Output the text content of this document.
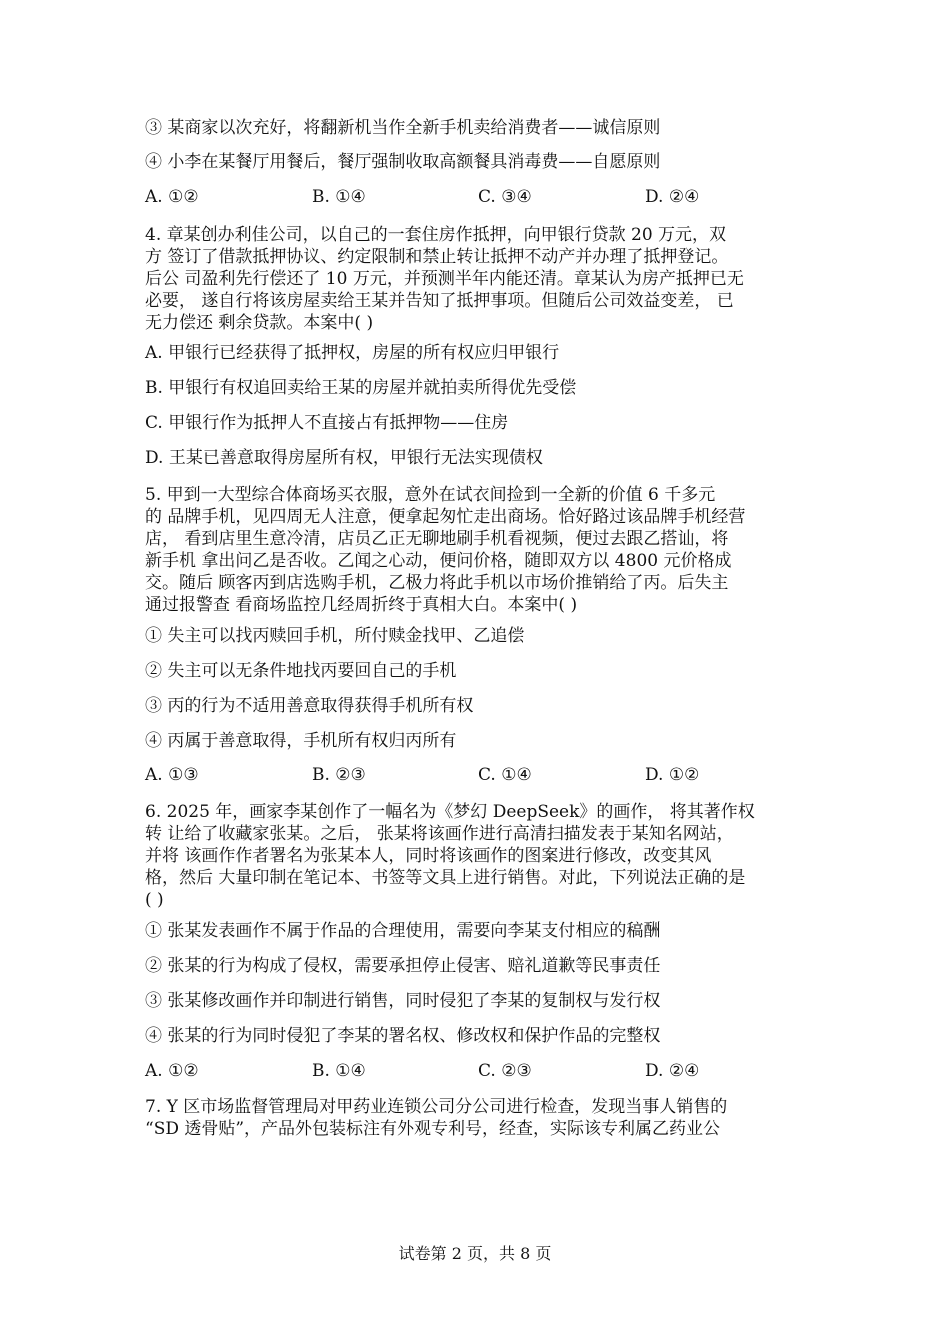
③ 某商家以次充好，将翻新机当作全新手机卖给消费者——诚信原则
④ 小李在某餐厅用餐后，餐厅强制收取高额餐具消毒费——自愿原则
A. ①②	B. ①④	C. ③④	D. ②④
4. 章某创办利佳公司，以自己的一套住房作抵押，向甲银行贷款 20 万元，双
方 签订了借款抵押协议、约定限制和禁止转让抵押不动产并办理了抵押登记。
后公 司盈利先行偿还了 10 万元，并预测半年内能还清。章某认为房产抵押已无
必要， 遂自行将该房屋卖给王某并告知了抵押事项。但随后公司效益变差， 已
无力偿还 剩余贷款。本案中( )
A. 甲银行已经获得了抵押权，房屋的所有权应归甲银行
B. 甲银行有权追回卖给王某的房屋并就拍卖所得优先受偿
C. 甲银行作为抵押人不直接占有抵押物——住房
D. 王某已善意取得房屋所有权，甲银行无法实现债权
5. 甲到一大型综合体商场买衣服，意外在试衣间捡到一全新的价值 6 千多元
的 品牌手机，见四周无人注意，便拿起匆忙走出商场。恰好路过该品牌手机经营
店， 看到店里生意冷清，店员乙正无聊地刷手机看视频，便过去跟乙搭讪，将
新手机 拿出问乙是否收。乙闻之心动，便问价格，随即双方以 4800 元价格成
交。随后 顾客丙到店选购手机，乙极力将此手机以市场价推销给了丙。后失主
通过报警查 看商场监控几经周折终于真相大白。本案中( )
① 失主可以找丙赎回手机，所付赎金找甲、乙追偿
② 失主可以无条件地找丙要回自己的手机
③ 丙的行为不适用善意取得获得手机所有权
④ 丙属于善意取得，手机所有权归丙所有
A. ①③	B. ②③	C. ①④	D. ①②
6. 2025 年，画家李某创作了一幅名为《梦幻 DeepSeek》的画作， 将其著作权
转 让给了收藏家张某。之后， 张某将该画作进行高清扫描发表于某知名网站，
并将 该画作作者署名为张某本人，同时将该画作的图案进行修改，改变其风
格，然后 大量印制在笔记本、书签等文具上进行销售。对此，下列说法正确的是
( )
① 张某发表画作不属于作品的合理使用，需要向李某支付相应的稿酬
② 张某的行为构成了侵权，需要承担停止侵害、赔礼道歉等民事责任
③ 张某修改画作并印制进行销售，同时侵犯了李某的复制权与发行权
④ 张某的行为同时侵犯了李某的署名权、修改权和保护作品的完整权
A. ①②	B. ①④	C. ②③	D. ②④
7. Y 区市场监督管理局对甲药业连锁公司分公司进行检查，发现当事人销售的
“SD 透骨贴”，产品外包装标注有外观专利号，经查，实际该专利属乙药业公
试卷第 2 页，共 8 页
